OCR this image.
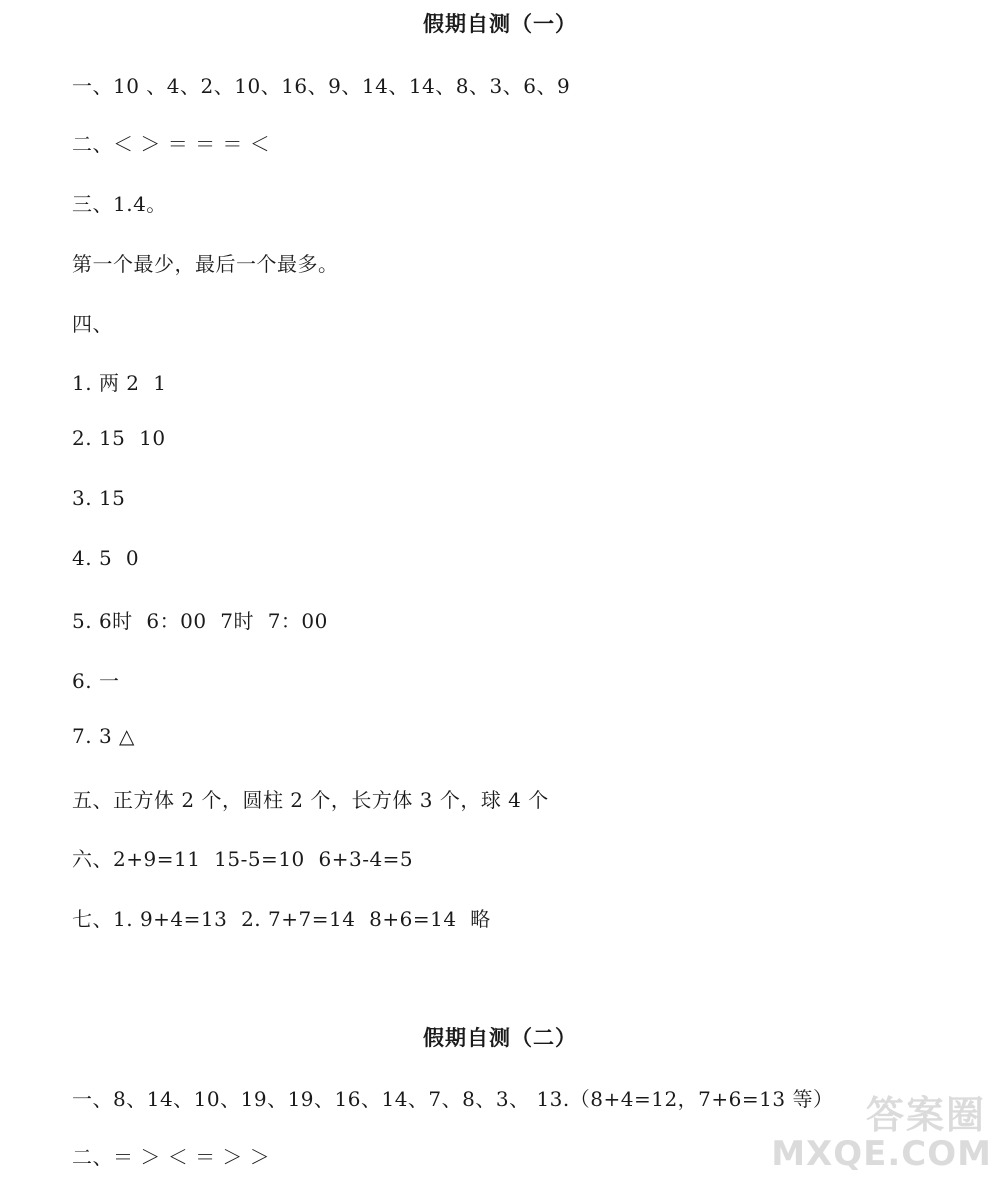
假期自测（一）
一、10 、4、2、10、16、9、14、14、8、3、6、9
二、＜ ＞ ＝ ＝ ＝ ＜
三、1.4。
第一个最少，最后一个最多。
四、
1. 两 2  1
2. 15  10
3. 15
4. 5  0
5. 6时  6：00  7时  7：00
6. 一
7. 3 △
五、正方体 2 个，圆柱 2 个，长方体 3 个，球 4 个
六、2+9=11  15-5=10  6+3-4=5
七、1. 9+4=13  2. 7+7=14  8+6=14  略
假期自测（二）
一、8、14、10、19、19、16、14、7、8、3、 13.（8+4=12，7+6=13 等）
二、＝ ＞ ＜ ＝ ＞ ＞
答案圈
MXQE.COM
